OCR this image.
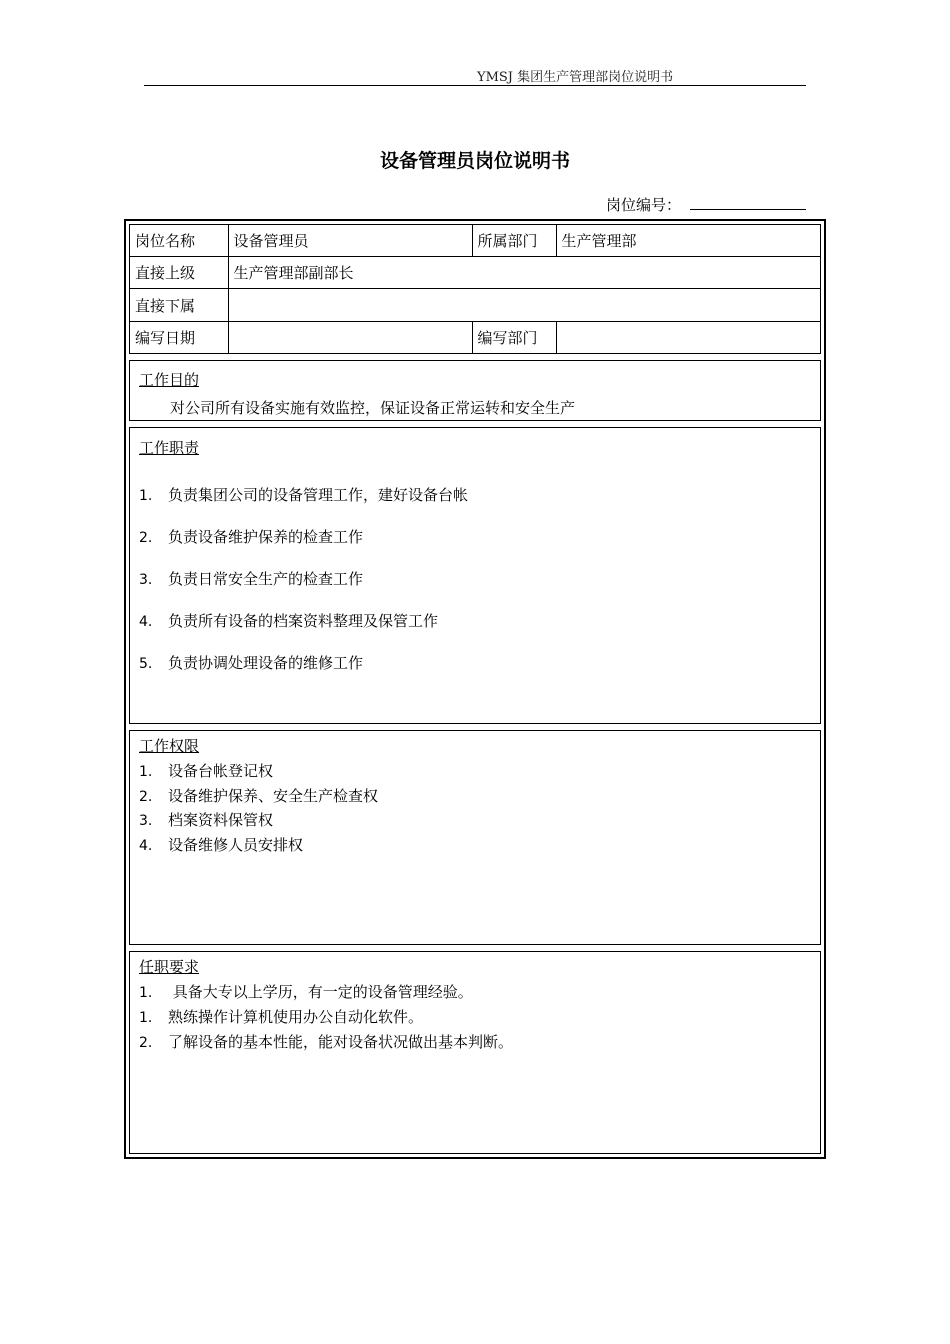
YMSJ 集团生产管理部岗位说明书
设备管理员岗位说明书
岗位编号：
岗位名称	设备管理员	所属部门	生产管理部
直接上级	生产管理部副部长		
直接下属			
编写日期		编写部门	
工作目的
对公司所有设备实施有效监控，保证设备正常运转和安全生产
工作职责
1. 负责集团公司的设备管理工作，建好设备台帐
2. 负责设备维护保养的检查工作
3. 负责日常安全生产的检查工作
4. 负责所有设备的档案资料整理及保管工作
5. 负责协调处理设备的维修工作
工作权限
1. 设备台帐登记权
2. 设备维护保养、安全生产检查权
3. 档案资料保管权
4. 设备维修人员安排权
任职要求
1. 具备大专以上学历，有一定的设备管理经验。
1. 熟练操作计算机使用办公自动化软件。
2. 了解设备的基本性能，能对设备状况做出基本判断。
